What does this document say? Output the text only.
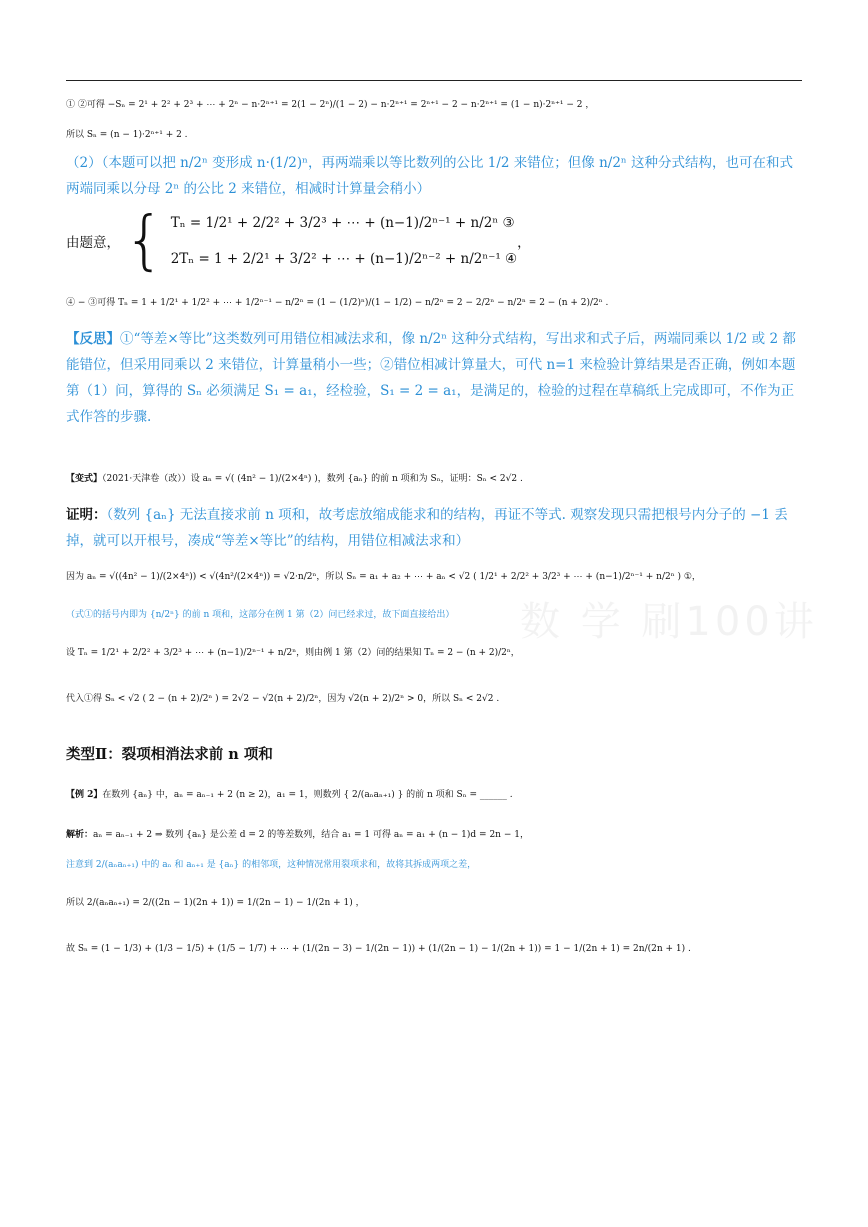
数 学 刷100讲
① ②可得 −Sₙ = 2¹ + 2² + 2³ + ⋯ + 2ⁿ − n·2ⁿ⁺¹ = 2(1 − 2ⁿ)/(1 − 2) − n·2ⁿ⁺¹ = 2ⁿ⁺¹ − 2 − n·2ⁿ⁺¹ = (1 − n)·2ⁿ⁺¹ − 2 ，
所以 Sₙ = (n − 1)·2ⁿ⁺¹ + 2 .
（2）（本题可以把 n/2ⁿ 变形成 n·(1/2)ⁿ，再两端乘以等比数列的公比 1/2 来错位；但像 n/2ⁿ 这种分式结构，也可在和式两端同乘以分母 2ⁿ 的公比 2 来错位，相减时计算量会稍小）
由题意， { Tₙ = 1/2¹ + 2/2² + 3/2³ + ⋯ + (n−1)/2ⁿ⁻¹ + n/2ⁿ ③
2Tₙ = 1 + 2/2¹ + 3/2² + ⋯ + (n−1)/2ⁿ⁻² + n/2ⁿ⁻¹ ④
，
④ − ③可得 Tₙ = 1 + 1/2¹ + 1/2² + ⋯ + 1/2ⁿ⁻¹ − n/2ⁿ = (1 − (1/2)ⁿ)/(1 − 1/2) − n/2ⁿ = 2 − 2/2ⁿ − n/2ⁿ = 2 − (n + 2)/2ⁿ .
【反思】①“等差×等比”这类数列可用错位相减法求和，像 n/2ⁿ 这种分式结构，写出求和式子后，两端同乘以 1/2 或 2 都能错位，但采用同乘以 2 来错位，计算量稍小一些；②错位相减计算量大，可代 n=1 来检验计算结果是否正确，例如本题第（1）问，算得的 Sₙ 必须满足 S₁ = a₁，经检验，S₁ = 2 = a₁，是满足的，检验的过程在草稿纸上完成即可，不作为正式作答的步骤.
【变式】（2021·天津卷（改））设 aₙ = √( (4n² − 1)/(2×4ⁿ) )，数列 {aₙ} 的前 n 项和为 Sₙ，证明：Sₙ < 2√2 .
证明：（数列 {aₙ} 无法直接求前 n 项和，故考虑放缩成能求和的结构，再证不等式. 观察发现只需把根号内分子的 −1 丢掉，就可以开根号，凑成“等差×等比”的结构，用错位相减法求和）
因为 aₙ = √((4n² − 1)/(2×4ⁿ)) < √(4n²/(2×4ⁿ)) = √2·n/2ⁿ，所以 Sₙ = a₁ + a₂ + ⋯ + aₙ < √2 ( 1/2¹ + 2/2² + 3/2³ + ⋯ + (n−1)/2ⁿ⁻¹ + n/2ⁿ ) ①，
（式①的括号内即为 {n/2ⁿ} 的前 n 项和，这部分在例 1 第（2）问已经求过，故下面直接给出）
设 Tₙ = 1/2¹ + 2/2² + 3/2³ + ⋯ + (n−1)/2ⁿ⁻¹ + n/2ⁿ，则由例 1 第（2）问的结果知 Tₙ = 2 − (n + 2)/2ⁿ，
代入①得 Sₙ < √2 ( 2 − (n + 2)/2ⁿ ) = 2√2 − √2(n + 2)/2ⁿ，因为 √2(n + 2)/2ⁿ > 0，所以 Sₙ < 2√2 .
类型Ⅱ：裂项相消法求前 n 项和
【例 2】在数列 {aₙ} 中，aₙ = aₙ₋₁ + 2 (n ≥ 2)，a₁ = 1，则数列 { 2/(aₙaₙ₊₁) } 的前 n 项和 Sₙ = ______ .
解析：aₙ = aₙ₋₁ + 2 ⇒ 数列 {aₙ} 是公差 d = 2 的等差数列，结合 a₁ = 1 可得 aₙ = a₁ + (n − 1)d = 2n − 1，
注意到 2/(aₙaₙ₊₁) 中的 aₙ 和 aₙ₊₁ 是 {aₙ} 的相邻项，这种情况常用裂项求和，故将其拆成两项之差，
所以 2/(aₙaₙ₊₁) = 2/((2n − 1)(2n + 1)) = 1/(2n − 1) − 1/(2n + 1) ，
故 Sₙ = (1 − 1/3) + (1/3 − 1/5) + (1/5 − 1/7) + ⋯ + (1/(2n − 3) − 1/(2n − 1)) + (1/(2n − 1) − 1/(2n + 1)) = 1 − 1/(2n + 1) = 2n/(2n + 1) .
